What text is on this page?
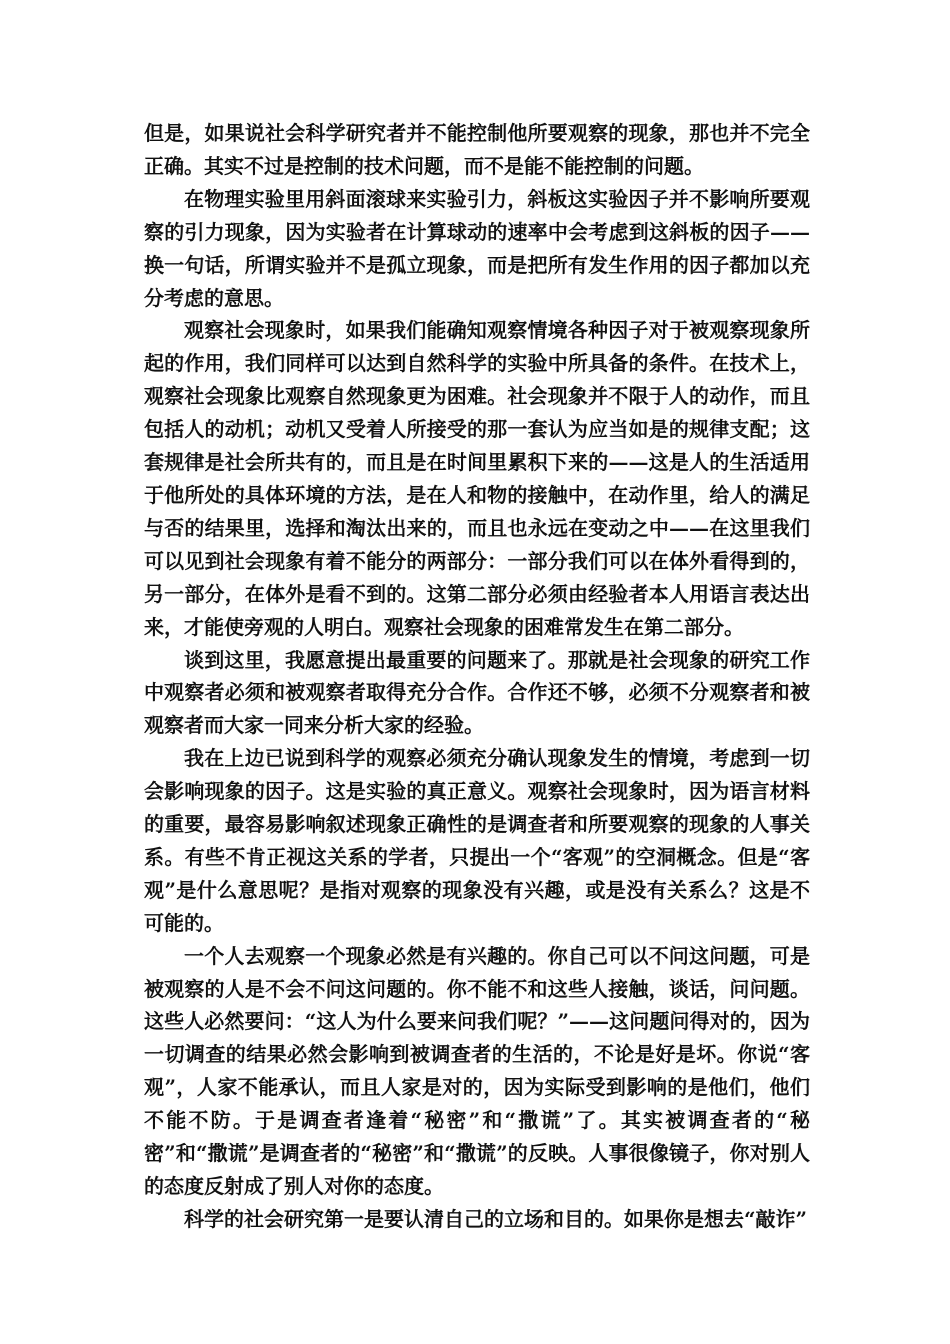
但是，如果说社会科学研究者并不能控制他所要观察的现象，那也并不完全正确。其实不过是控制的技术问题，而不是能不能控制的问题。

在物理实验里用斜面滚球来实验引力，斜板这实验因子并不影响所要观察的引力现象，因为实验者在计算球动的速率中会考虑到这斜板的因子——换一句话，所谓实验并不是孤立现象，而是把所有发生作用的因子都加以充分考虑的意思。

观察社会现象时，如果我们能确知观察情境各种因子对于被观察现象所起的作用，我们同样可以达到自然科学的实验中所具备的条件。在技术上，观察社会现象比观察自然现象更为困难。社会现象并不限于人的动作，而且包括人的动机；动机又受着人所接受的那一套认为应当如是的规律支配；这套规律是社会所共有的，而且是在时间里累积下来的——这是人的生活适用于他所处的具体环境的方法，是在人和物的接触中，在动作里，给人的满足与否的结果里，选择和淘汰出来的，而且也永远在变动之中——在这里我们可以见到社会现象有着不能分的两部分：一部分我们可以在体外看得到的，另一部分，在体外是看不到的。这第二部分必须由经验者本人用语言表达出来，才能使旁观的人明白。观察社会现象的困难常发生在第二部分。

谈到这里，我愿意提出最重要的问题来了。那就是社会现象的研究工作中观察者必须和被观察者取得充分合作。合作还不够，必须不分观察者和被观察者而大家一同来分析大家的经验。

我在上边已说到科学的观察必须充分确认现象发生的情境，考虑到一切会影响现象的因子。这是实验的真正意义。观察社会现象时，因为语言材料的重要，最容易影响叙述现象正确性的是调查者和所要观察的现象的人事关系。有些不肯正视这关系的学者，只提出一个“客观”的空洞概念。但是“客观”是什么意思呢？是指对观察的现象没有兴趣，或是没有关系么？这是不可能的。

一个人去观察一个现象必然是有兴趣的。你自己可以不问这问题，可是被观察的人是不会不问这问题的。你不能不和这些人接触，谈话，问问题。这些人必然要问：“这人为什么要来问我们呢？”——这问题问得对的，因为一切调查的结果必然会影响到被调查者的生活的，不论是好是坏。你说“客观”，人家不能承认，而且人家是对的，因为实际受到影响的是他们，他们不能不防。于是调查者逢着“秘密”和“撒谎”了。其实被调查者的“秘密”和“撒谎”是调查者的“秘密”和“撒谎”的反映。人事很像镜子，你对别人的态度反射成了别人对你的态度。

科学的社会研究第一是要认清自己的立场和目的。如果你是想去“敲诈”
